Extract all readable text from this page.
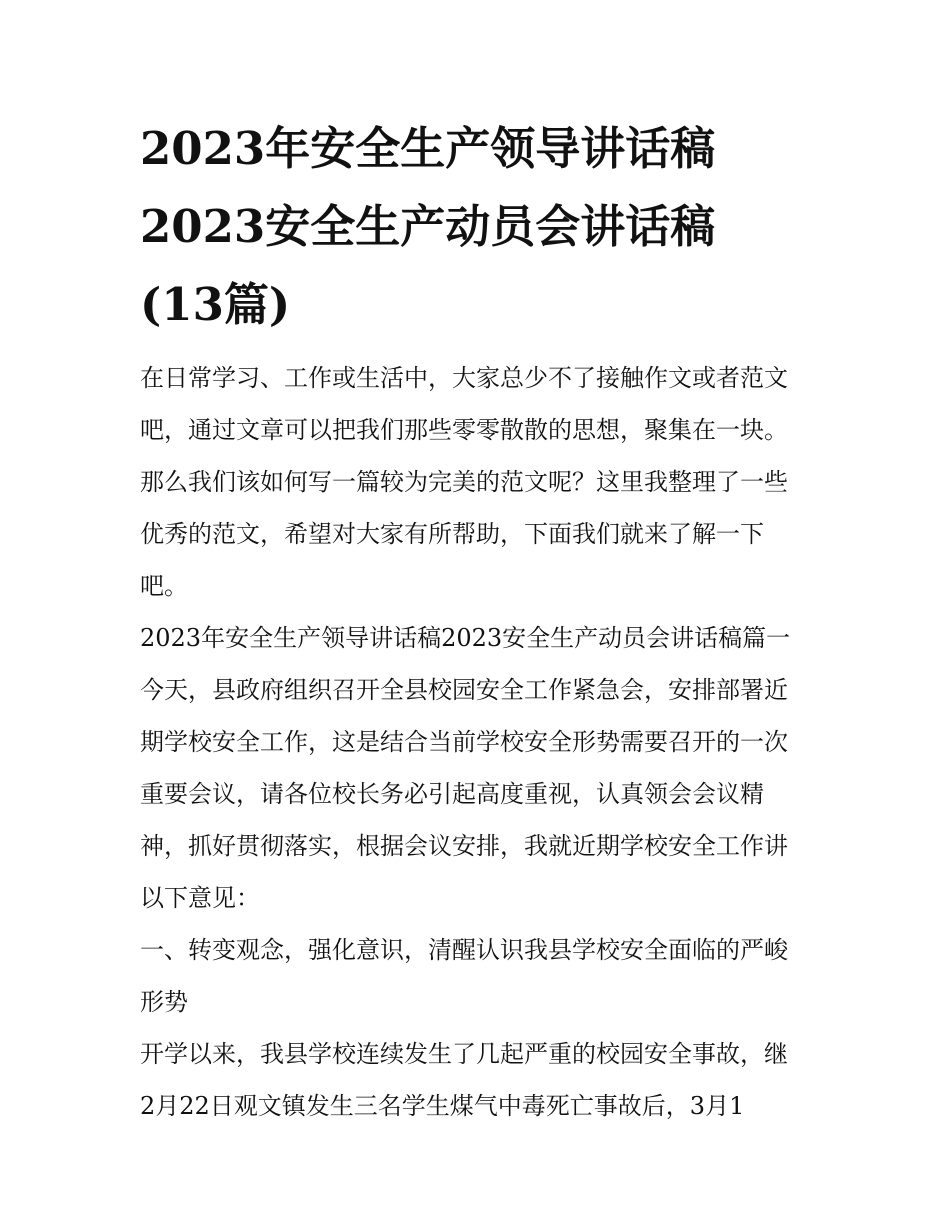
2023年安全生产领导讲话稿
2023安全生产动员会讲话稿
(13篇)
在日常学习、工作或生活中，大家总少不了接触作文或者范文
吧，通过文章可以把我们那些零零散散的思想，聚集在一块。
那么我们该如何写一篇较为完美的范文呢？这里我整理了一些
优秀的范文，希望对大家有所帮助，下面我们就来了解一下
吧。
2023年安全生产领导讲话稿2023安全生产动员会讲话稿篇一
今天，县政府组织召开全县校园安全工作紧急会，安排部署近
期学校安全工作，这是结合当前学校安全形势需要召开的一次
重要会议，请各位校长务必引起高度重视，认真领会会议精
神，抓好贯彻落实，根据会议安排，我就近期学校安全工作讲
以下意见：
一、转变观念，强化意识，清醒认识我县学校安全面临的严峻
形势
开学以来，我县学校连续发生了几起严重的校园安全事故，继
2月22日观文镇发生三名学生煤气中毒死亡事故后，3月1
